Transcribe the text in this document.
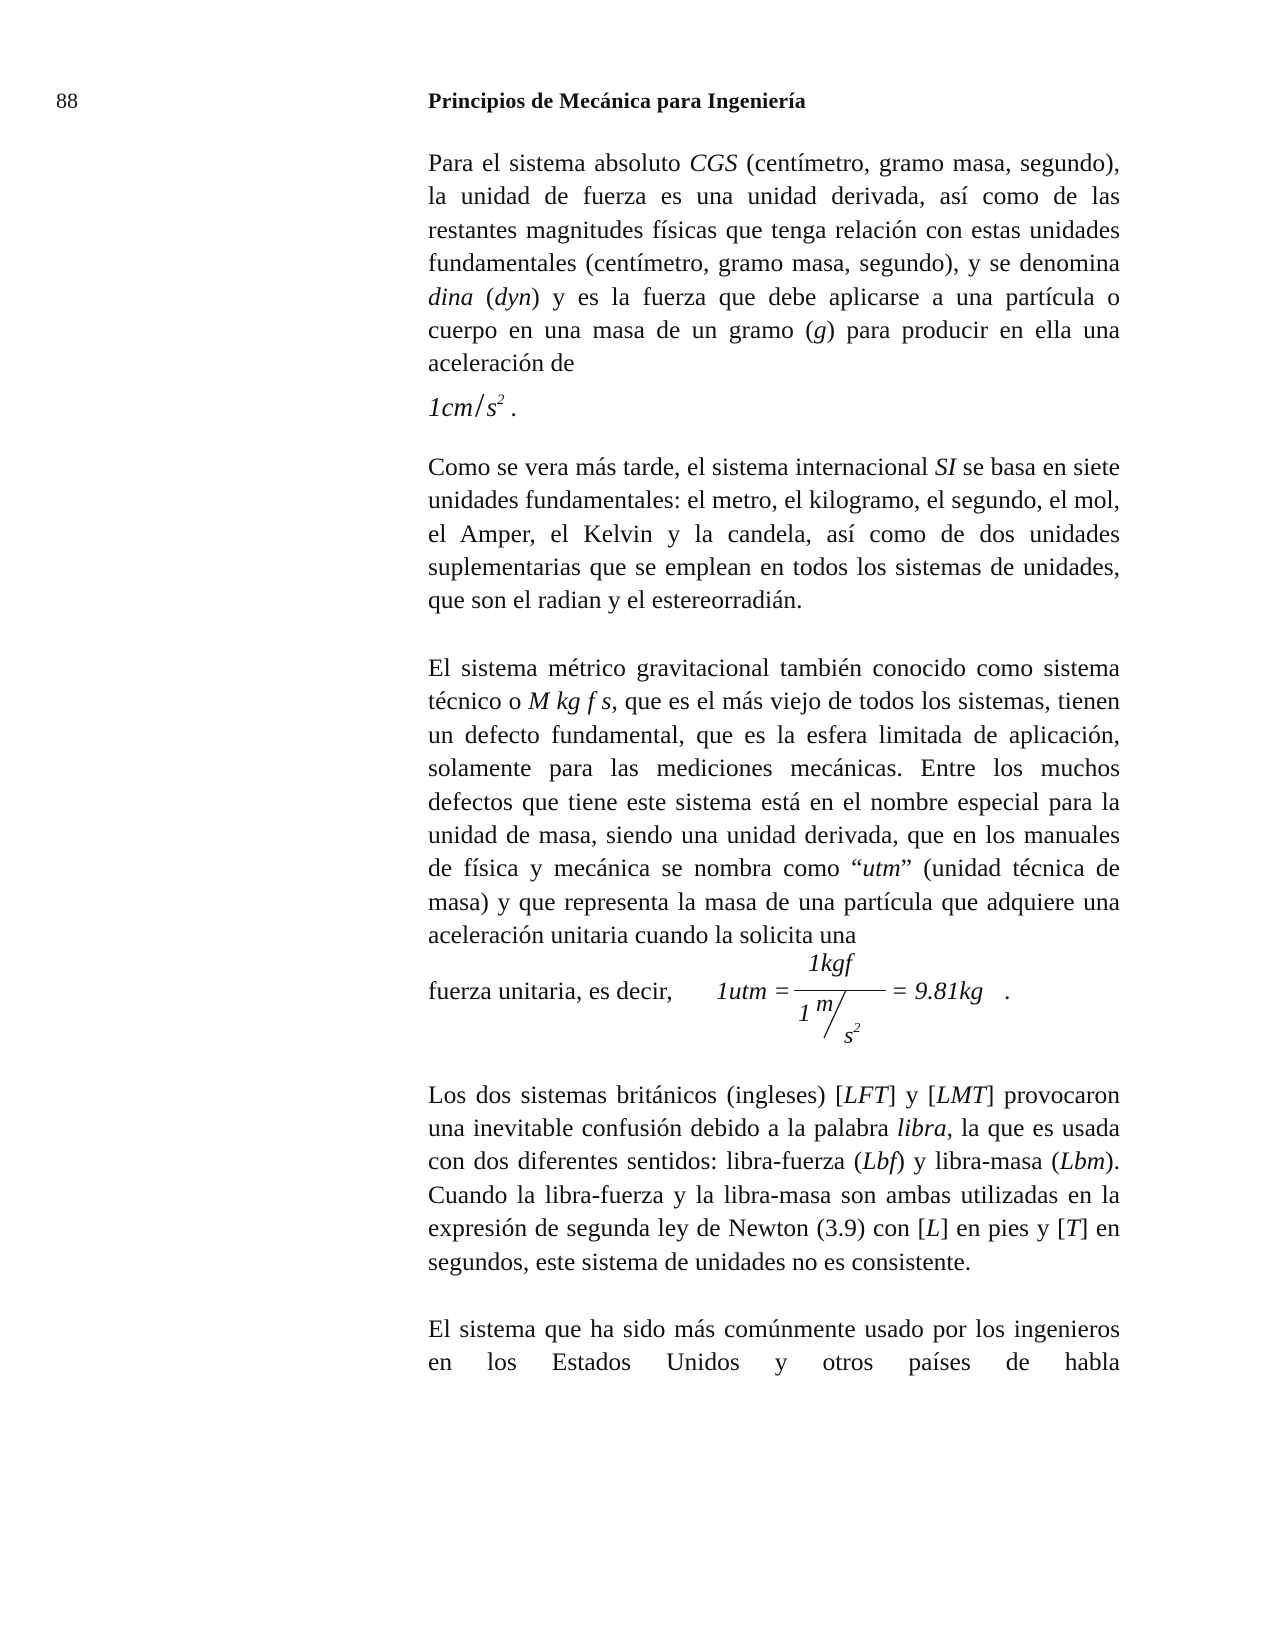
88	Principios de Mecánica para Ingeniería

Para el sistema absoluto CGS (centímetro, gramo masa, segundo), la unidad de fuerza es una unidad derivada, así como de las restantes magnitudes físicas que tenga relación con estas unidades fundamentales (centímetro, gramo masa, segundo), y se denomina dina (dyn) y es la fuerza que debe aplicarse a una partícula o cuerpo en una masa de un gramo (g) para producir en ella una aceleración de
$1cm/s^2$ .

Como se vera más tarde, el sistema internacional SI se basa en siete unidades fundamentales: el metro, el kilogramo, el segundo, el mol, el Amper, el Kelvin y la candela, así como de dos unidades suplementarias que se emplean en todos los sistemas de unidades, que son el radian y el estereorradián.

El sistema métrico gravitacional también conocido como sistema técnico o M kg f s, que es el más viejo de todos los sistemas, tienen un defecto fundamental, que es la esfera limitada de aplicación, solamente para las mediciones mecánicas. Entre los muchos defectos que tiene este sistema está en el nombre especial para la unidad de masa, siendo una unidad derivada, que en los manuales de física y mecánica se nombra como “utm” (unidad técnica de masa) y que representa la masa de una partícula que adquiere una aceleración unitaria cuando la solicita una
fuerza unitaria, es decir, 1utm =
1kgf
1 m
$s^2$
= 9.81kg .

Los dos sistemas británicos (ingleses) [LFT] y [LMT] provocaron una inevitable confusión debido a la palabra libra, la que es usada con dos diferentes sentidos: libra-fuerza (Lbf) y libra-masa (Lbm). Cuando la libra-fuerza y la libra-masa son ambas utilizadas en la expresión de segunda ley de Newton (3.9) con [L] en pies y [T] en segundos, este sistema de unidades no es consistente.

El sistema que ha sido más comúnmente usado por los ingenieros en los Estados Unidos y otros países de habla
